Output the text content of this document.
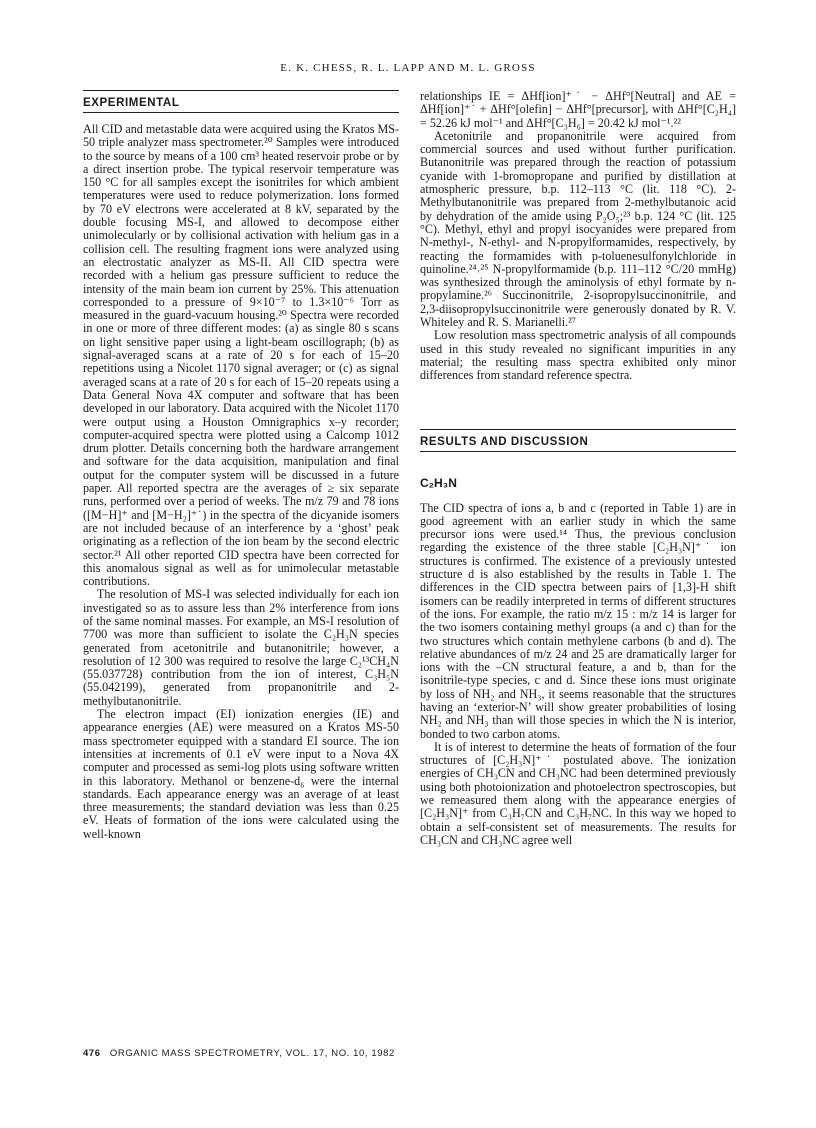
E. K. CHESS, R. L. LAPP AND M. L. GROSS
EXPERIMENTAL

All CID and metastable data were acquired using the Kratos MS-50 triple analyzer mass spectrometer.²⁰ Samples were introduced to the source by means of a 100 cm³ heated reservoir probe or by a direct insertion probe. The typical reservoir temperature was 150 °C for all samples except the isonitriles for which ambient temperatures were used to reduce polymerization. Ions formed by 70 eV electrons were accelerated at 8 kV, separated by the double focusing MS-I, and allowed to decompose either unimolecularly or by collisional activation with helium gas in a collision cell. The resulting fragment ions were analyzed using an electrostatic analyzer as MS-II. All CID spectra were recorded with a helium gas pressure sufficient to reduce the intensity of the main beam ion current by 25%. This attenuation corresponded to a pressure of 9×10⁻⁷ to 1.3×10⁻⁶ Torr as measured in the guard-vacuum housing.²⁰ Spectra were recorded in one or more of three different modes: (a) as single 80 s scans on light sensitive paper using a light-beam oscillograph; (b) as signal-averaged scans at a rate of 20 s for each of 15–20 repetitions using a Nicolet 1170 signal averager; or (c) as signal averaged scans at a rate of 20 s for each of 15–20 repeats using a Data General Nova 4X computer and software that has been developed in our laboratory. Data acquired with the Nicolet 1170 were output using a Houston Omnigraphics x–y recorder; computer-acquired spectra were plotted using a Calcomp 1012 drum plotter. Details concerning both the hardware arrangement and software for the data acquisition, manipulation and final output for the computer system will be discussed in a future paper. All reported spectra are the averages of ≥ six separate runs, performed over a period of weeks. The m/z 79 and 78 ions ([M−H]⁺ and [M−H₂]⁺˙) in the spectra of the dicyanide isomers are not included because of an interference by a ‘ghost’ peak originating as a reflection of the ion beam by the second electric sector.²¹ All other reported CID spectra have been corrected for this anomalous signal as well as for unimolecular metastable contributions.

The resolution of MS-I was selected individually for each ion investigated so as to assure less than 2% interference from ions of the same nominal masses. For example, an MS-I resolution of 7700 was more than sufficient to isolate the C₂H₃N species generated from acetonitrile and butanonitrile; however, a resolution of 12 300 was required to resolve the large C₂¹³CH₄N (55.037728) contribution from the ion of interest, C₃H₅N (55.042199), generated from propanonitrile and 2-methylbutanonitrile.

The electron impact (EI) ionization energies (IE) and appearance energies (AE) were measured on a Kratos MS-50 mass spectrometer equipped with a standard EI source. The ion intensities at increments of 0.1 eV were input to a Nova 4X computer and processed as semi-log plots using software written in this laboratory. Methanol or benzene-d₆ were the internal standards. Each appearance energy was an average of at least three measurements; the standard deviation was less than 0.25 eV. Heats of formation of the ions were calculated using the well-known

relationships IE = ΔHf[ion]⁺˙ − ΔHf°[Neutral] and AE = ΔHf[ion]⁺˙ + ΔHf°[olefin] − ΔHf°[precursor], with ΔHf°[C₂H₄] = 52.26 kJ mol⁻¹ and ΔHf°[C₃H₆] = 20.42 kJ mol⁻¹.²²

Acetonitrile and propanonitrile were acquired from commercial sources and used without further purification. Butanonitrile was prepared through the reaction of potassium cyanide with 1-bromopropane and purified by distillation at atmospheric pressure, b.p. 112–113 °C (lit. 118 °C). 2-Methylbutanonitrile was prepared from 2-methylbutanoic acid by dehydration of the amide using P₂O₅;²³ b.p. 124 °C (lit. 125 °C). Methyl, ethyl and propyl isocyanides were prepared from N-methyl-, N-ethyl- and N-propylformamides, respectively, by reacting the formamides with p-toluenesulfonylchloride in quinoline.²⁴˒²⁵ N-propylformamide (b.p. 111–112 °C/20 mmHg) was synthesized through the aminolysis of ethyl formate by n-propylamine.²⁶ Succinonitrile, 2-isopropylsuccinonitrile, and 2,3-diisopropylsuccinonitrile were generously donated by R. V. Whiteley and R. S. Marianelli.²⁷

Low resolution mass spectrometric analysis of all compounds used in this study revealed no significant impurities in any material; the resulting mass spectra exhibited only minor differences from standard reference spectra.

RESULTS AND DISCUSSION
C₂H₃N

The CID spectra of ions a, b and c (reported in Table 1) are in good agreement with an earlier study in which the same precursor ions were used.¹⁴ Thus, the previous conclusion regarding the existence of the three stable [C₂H₃N]⁺˙ ion structures is confirmed. The existence of a previously untested structure d is also established by the results in Table 1. The differences in the CID spectra between pairs of [1,3]-H shift isomers can be readily interpreted in terms of different structures of the ions. For example, the ratio m/z 15 : m/z 14 is larger for the two isomers containing methyl groups (a and c) than for the two structures which contain methylene carbons (b and d). The relative abundances of m/z 24 and 25 are dramatically larger for ions with the –CN structural feature, a and b, than for the isonitrile-type species, c and d. Since these ions must originate by loss of NH₂ and NH₃, it seems reasonable that the structures having an ‘exterior-N’ will show greater probabilities of losing NH₂ and NH₃ than will those species in which the N is interior, bonded to two carbon atoms.

It is of interest to determine the heats of formation of the four structures of [C₂H₃N]⁺˙ postulated above. The ionization energies of CH₃CN and CH₃NC had been determined previously using both photoionization and photoelectron spectroscopies, but we remeasured them along with the appearance energies of [C₂H₃N]⁺ from C₃H₇CN and C₃H₇NC. In this way we hoped to obtain a self-consistent set of measurements. The results for CH₃CN and CH₃NC agree well

476 ORGANIC MASS SPECTROMETRY, VOL. 17, NO. 10, 1982
